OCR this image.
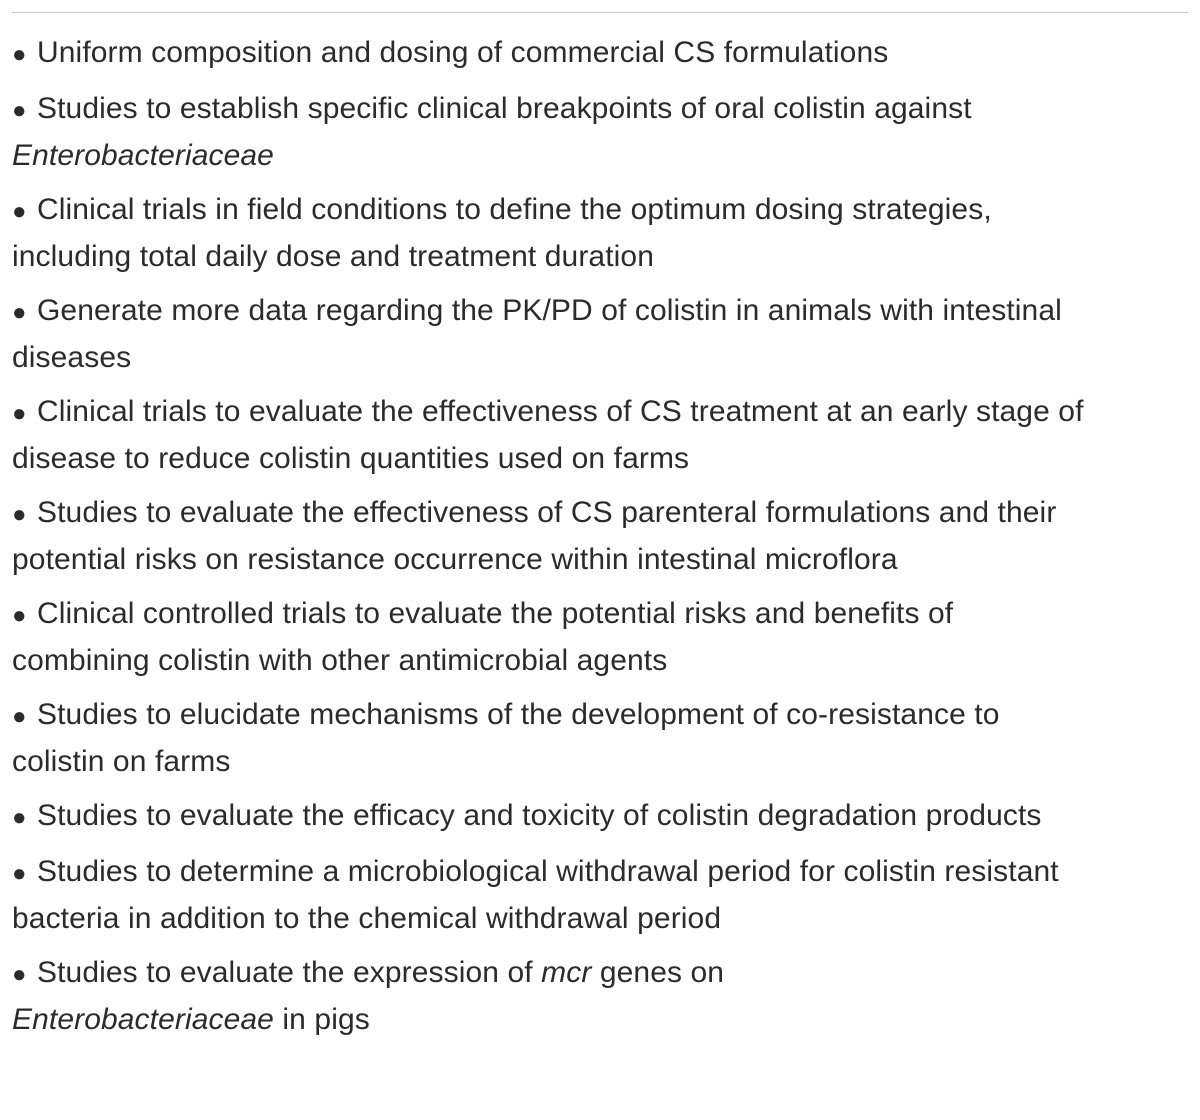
● Uniform composition and dosing of commercial CS formulations
● Studies to establish specific clinical breakpoints of oral colistin against Enterobacteriaceae
● Clinical trials in field conditions to define the optimum dosing strategies, including total daily dose and treatment duration
● Generate more data regarding the PK/PD of colistin in animals with intestinal diseases
● Clinical trials to evaluate the effectiveness of CS treatment at an early stage of disease to reduce colistin quantities used on farms
● Studies to evaluate the effectiveness of CS parenteral formulations and their potential risks on resistance occurrence within intestinal microflora
● Clinical controlled trials to evaluate the potential risks and benefits of combining colistin with other antimicrobial agents
● Studies to elucidate mechanisms of the development of co-resistance to colistin on farms
● Studies to evaluate the efficacy and toxicity of colistin degradation products
● Studies to determine a microbiological withdrawal period for colistin resistant bacteria in addition to the chemical withdrawal period
● Studies to evaluate the expression of mcr genes on
Enterobacteriaceae in pigs
